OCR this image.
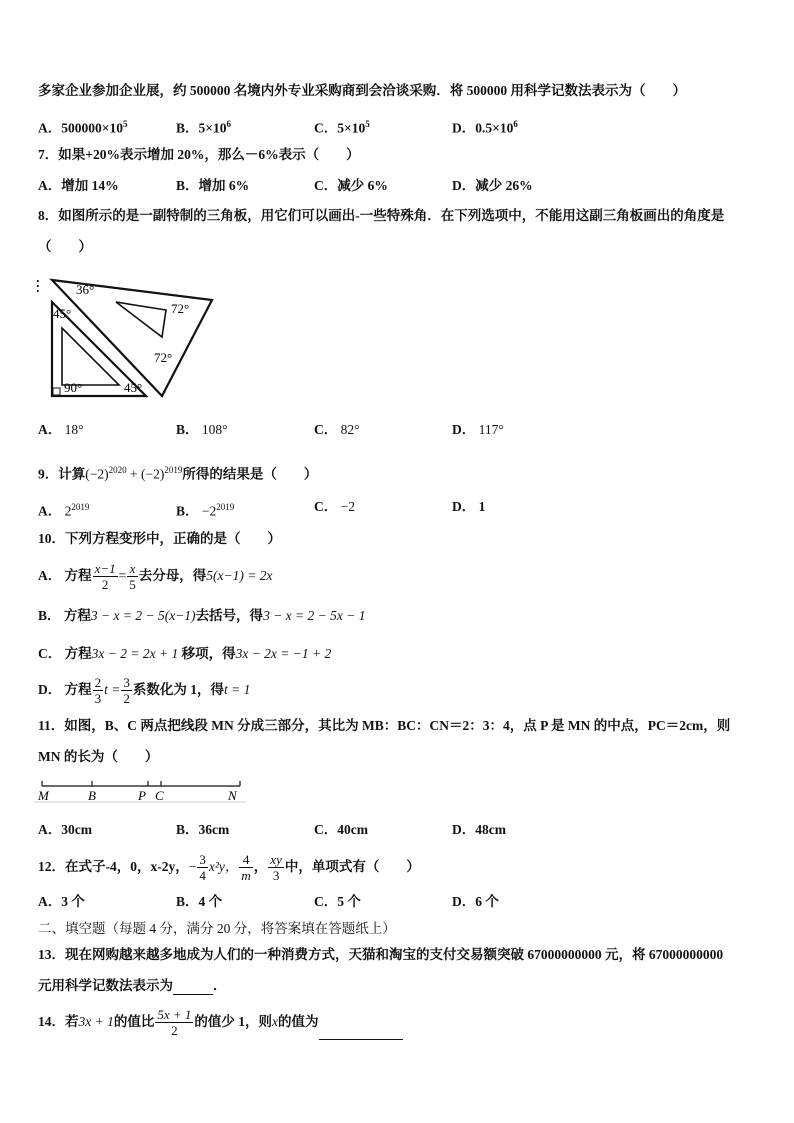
多家企业参加企业展，约 500000 名境内外专业采购商到会洽谈采购．将 500000 用科学记数法表示为（　　）
A．$500000\times 10^5$	B．$5\times 10^6$	C．$5\times 10^5$	D．$0.5\times 10^6$
7．如果+20%表示增加 20%，那么－6%表示（　　）
A．增加 14%	B．增加 6%	C．减少 6%	D．减少 26%
8．如图所示的是一副特制的三角板，用它们可以画出-一些特殊角．在下列选项中，不能用这副三角板画出的角度是
（　　）
36°
72°
45°
72°
90°	45°
A． 18°	B． 108°	C． 82°	D． 117°
9．计算$(-2)^{2020} + (-2)^{2019}$所得的结果是（　　）
A． $2^{2019}$	B． $-2^{2019}$	C． −2	D． 1
10．下列方程变形中，正确的是（　　）
A． 方程 $\frac{x-1}{2} = \frac{x}{5}$ 去分母，得5(x−1) = 2x
B． 方程3 − x = 2 − 5(x−1)去括号，得3 − x = 2 − 5x − 1
C． 方程3x − 2 = 2x + 1 移项，得3x − 2x = −1 + 2
D． 方程 $\frac{2}{3}$ $t = \frac{3}{2}$ 系数化为 1，得t = 1
11．如图，B、C 两点把线段 MN 分成三部分，其比为 MB：BC：CN＝2：3：4，点 P 是 MN 的中点，PC＝2cm，则
MN 的长为（　　）
M	B	P C	N
A．30cm	B．36cm	C．40cm	D．48cm
12．在式子-4，0，x-2y，− $\frac{3}{4} x^2y$， $\frac{4}{m}$ ， $\frac{xy}{3}$ 中，单项式有（　　）
A．3 个	B．4 个	C．5 个	D．6 个
二、填空题（每题 4 分，满分 20 分，将答案填在答题纸上）
13．现在网购越来越多地成为人们的一种消费方式，天猫和淘宝的支付交易额突破 67000000000 元，将 67000000000
元用科学记数法表示为	．
14．若3x + 1的值比 $\frac{5x + 1}{2}$ 的值少 1，则x的值为
